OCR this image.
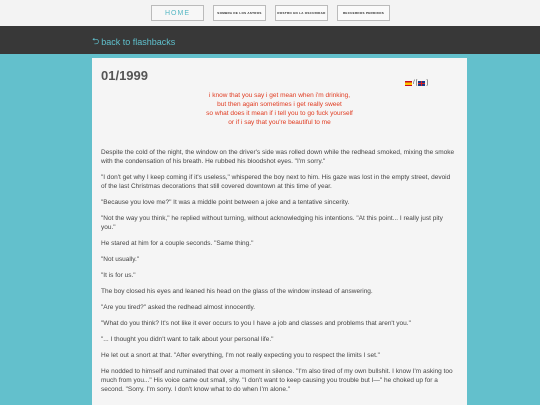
HOME	SOMBRA DE LOS ASTROS	ROSTRO EN LA OSCURIDAD	RECUERDOS PERDIDOS
⮌ back to flashbacks
01/1999	/ [ ]
i know that you say i get mean when i'm drinking,
but then again sometimes i get really sweet
so what does it mean if i tell you to go fuck yourself
or if i say that you're beautiful to me

Despite the cold of the night, the window on the driver's side was rolled down while the redhead smoked, mixing the smoke with the condensation of his breath. He rubbed his bloodshot eyes. "I'm sorry."

"I don't get why I keep coming if it's useless," whispered the boy next to him. His gaze was lost in the empty street, devoid of the last Christmas decorations that still covered downtown at this time of year.

"Because you love me?" It was a middle point between a joke and a tentative sincerity.

"Not the way you think," he replied without turning, without acknowledging his intentions. "At this point... I really just pity you."

He stared at him for a couple seconds. "Same thing."

"Not usually."

"It is for us."

The boy closed his eyes and leaned his head on the glass of the window instead of answering.

"Are you tired?" asked the redhead almost innocently.

"What do you think? It's not like it ever occurs to you I have a job and classes and problems that aren't you."

"... I thought you didn't want to talk about your personal life."

He let out a snort at that. "After everything, I'm not really expecting you to respect the limits I set."

He nodded to himself and ruminated that over a moment in silence. "I'm also tired of my own bullshit. I know I'm asking too much from you..." His voice came out small, shy. "I don't want to keep causing you trouble but I—" he choked up for a second. "Sorry. I'm sorry. I don't know what to do when I'm alone."
